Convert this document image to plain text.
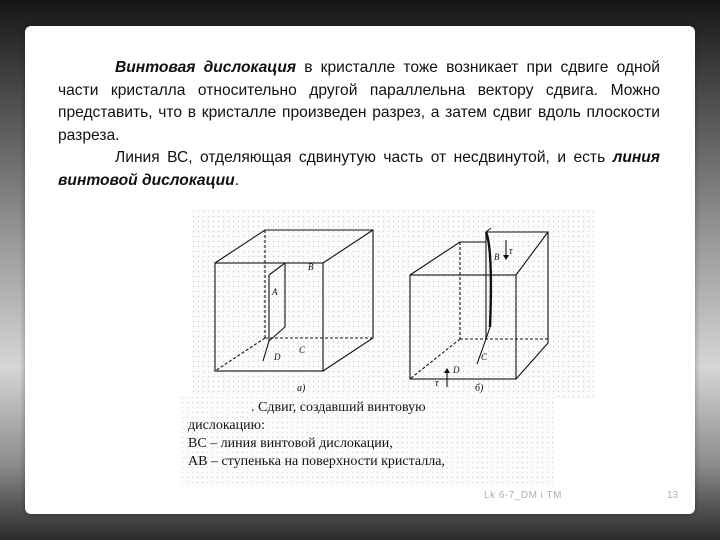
Винтовая дислокация в кристалле тоже возникает при сдвиге одной части кристалла относительно другой параллельна вектору сдвига. Можно представить, что в кристалле произведен разрез, а затем сдвиг вдоль плоскости разреза.

Линия ВС, отделяющая сдвинутую часть от несдвинутой, и есть линия винтовой дислокации.

B
A
C
D
а)
B
C
D
τ
τ	б)
. Сдвиг, создавший винтовую
дислокацию:
ВС – линия винтовой дислокации,
АВ – ступенька на поверхности кристалла,
Lk 6-7_DM i TM	13
